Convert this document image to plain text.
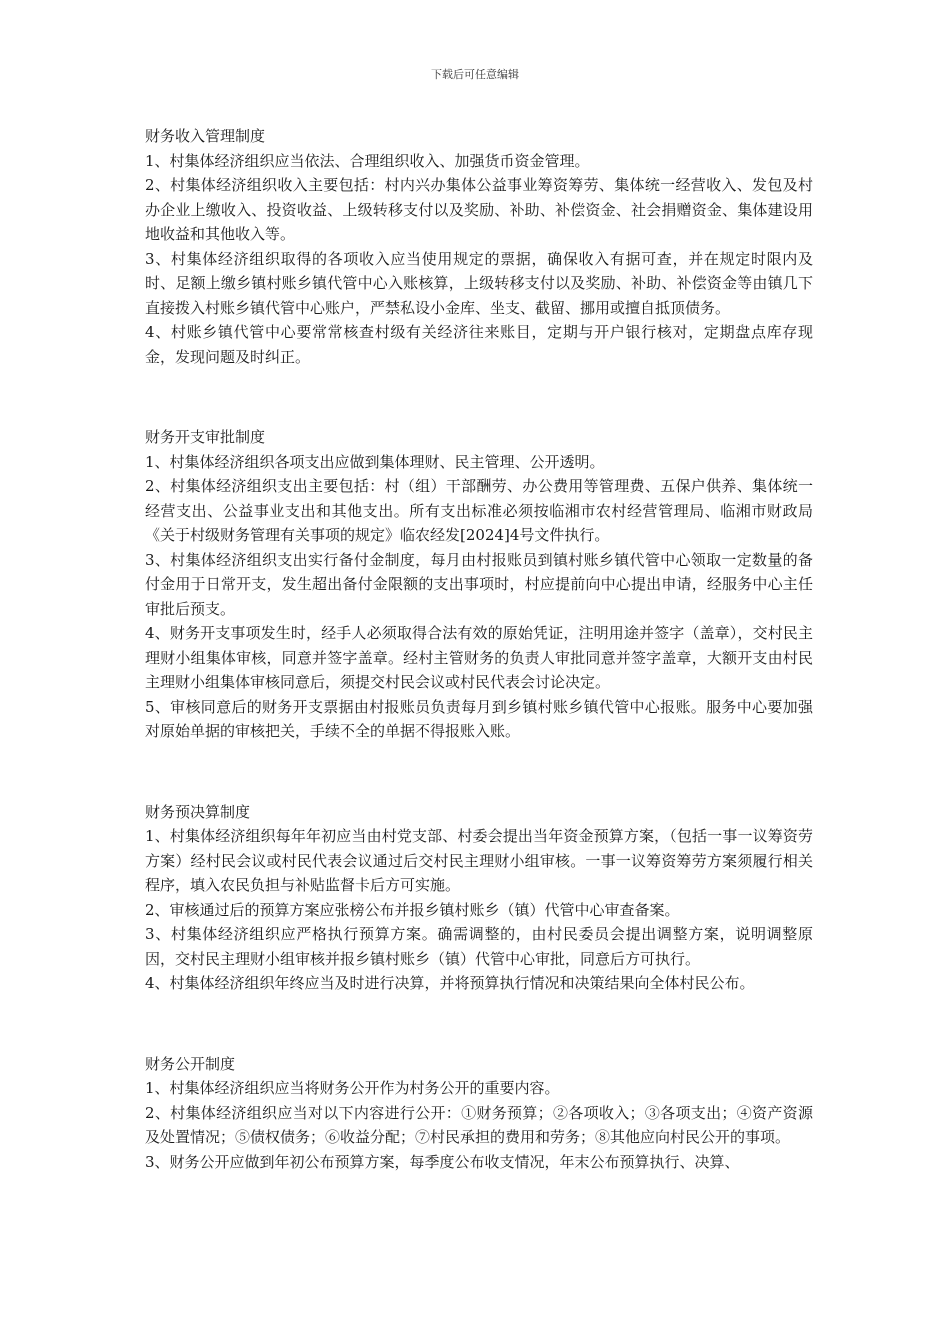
下载后可任意编辑

财务收入管理制度

1、村集体经济组织应当依法、合理组织收入、加强货币资金管理。

2、村集体经济组织收入主要包括：村内兴办集体公益事业筹资筹劳、集体统一经营收入、发包及村办企业上缴收入、投资收益、上级转移支付以及奖励、补助、补偿资金、社会捐赠资金、集体建设用地收益和其他收入等。

3、村集体经济组织取得的各项收入应当使用规定的票据，确保收入有据可查，并在规定时限内及时、足额上缴乡镇村账乡镇代管中心入账核算，上级转移支付以及奖励、补助、补偿资金等由镇几下直接拨入村账乡镇代管中心账户，严禁私设小金库、坐支、截留、挪用或擅自抵顶债务。

4、村账乡镇代管中心要常常核查村级有关经济往来账目，定期与开户银行核对，定期盘点库存现金，发现问题及时纠正。

财务开支审批制度

1、村集体经济组织各项支出应做到集体理财、民主管理、公开透明。

2、村集体经济组织支出主要包括：村（组）干部酬劳、办公费用等管理费、五保户供养、集体统一经营支出、公益事业支出和其他支出。所有支出标准必须按临湘市农村经营管理局、临湘市财政局《关于村级财务管理有关事项的规定》临农经发[2024]4号文件执行。

3、村集体经济组织支出实行备付金制度，每月由村报账员到镇村账乡镇代管中心领取一定数量的备付金用于日常开支，发生超出备付金限额的支出事项时，村应提前向中心提出申请，经服务中心主任审批后预支。

4、财务开支事项发生时，经手人必须取得合法有效的原始凭证，注明用途并签字（盖章），交村民主理财小组集体审核，同意并签字盖章。经村主管财务的负责人审批同意并签字盖章，大额开支由村民主理财小组集体审核同意后，须提交村民会议或村民代表会讨论决定。

5、审核同意后的财务开支票据由村报账员负责每月到乡镇村账乡镇代管中心报账。服务中心要加强对原始单据的审核把关，手续不全的单据不得报账入账。

财务预决算制度

1、村集体经济组织每年年初应当由村党支部、村委会提出当年资金预算方案，（包括一事一议筹资劳方案）经村民会议或村民代表会议通过后交村民主理财小组审核。一事一议筹资筹劳方案须履行相关程序，填入农民负担与补贴监督卡后方可实施。

2、审核通过后的预算方案应张榜公布并报乡镇村账乡（镇）代管中心审查备案。

3、村集体经济组织应严格执行预算方案。确需调整的，由村民委员会提出调整方案，说明调整原因，交村民主理财小组审核并报乡镇村账乡（镇）代管中心审批，同意后方可执行。

4、村集体经济组织年终应当及时进行决算，并将预算执行情况和决策结果向全体村民公布。

财务公开制度

1、村集体经济组织应当将财务公开作为村务公开的重要内容。

2、村集体经济组织应当对以下内容进行公开：①财务预算；②各项收入；③各项支出；④资产资源及处置情况；⑤债权债务；⑥收益分配；⑦村民承担的费用和劳务；⑧其他应向村民公开的事项。

3、财务公开应做到年初公布预算方案，每季度公布收支情况，年末公布预算执行、决算、
